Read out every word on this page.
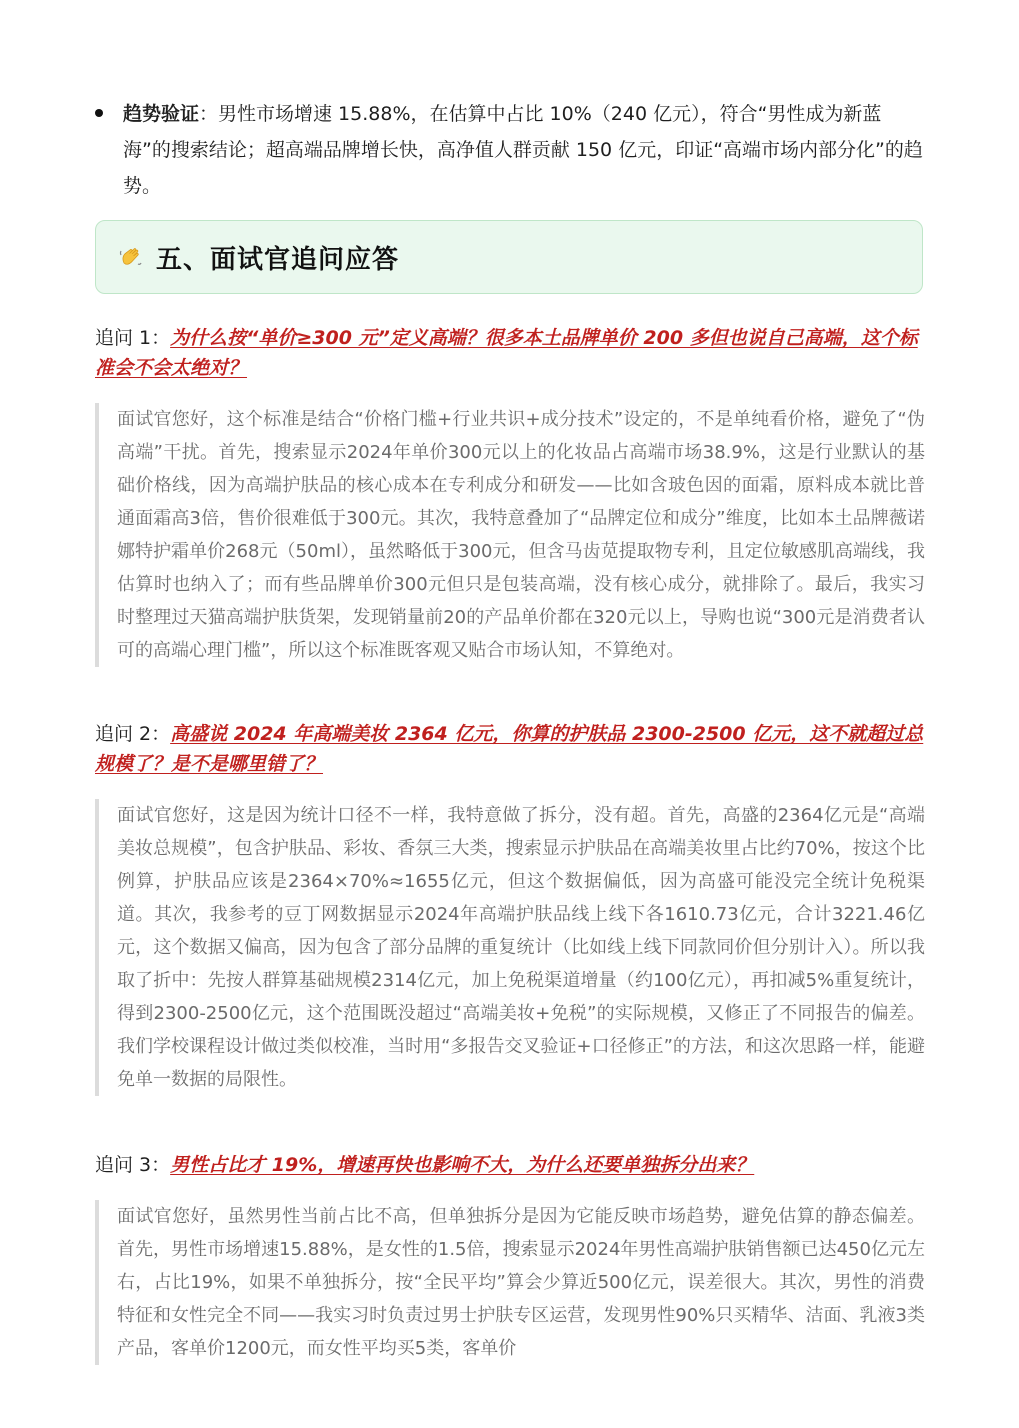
趋势验证：男性市场增速 15.88%，在估算中占比 10%（240 亿元），符合“男性成为新蓝海”的搜索结论；超高端品牌增长快，高净值人群贡献 150 亿元，印证“高端市场内部分化”的趋势。
五、面试官追问应答
追问 1：为什么按“单价≥300 元”定义高端？很多本土品牌单价 200 多但也说自己高端，这个标准会不会太绝对？
面试官您好，这个标准是结合“价格门槛+行业共识+成分技术”设定的，不是单纯看价格，避免了“伪高端”干扰。首先，搜索显示2024年单价300元以上的化妆品占高端市场38.9%，这是行业默认的基础价格线，因为高端护肤品的核心成本在专利成分和研发——比如含玻色因的面霜，原料成本就比普通面霜高3倍，售价很难低于300元。其次，我特意叠加了“品牌定位和成分”维度，比如本土品牌薇诺娜特护霜单价268元（50ml），虽然略低于300元，但含马齿苋提取物专利，且定位敏感肌高端线，我估算时也纳入了；而有些品牌单价300元但只是包装高端，没有核心成分，就排除了。最后，我实习时整理过天猫高端护肤货架，发现销量前20的产品单价都在320元以上，导购也说“300元是消费者认可的高端心理门槛”，所以这个标准既客观又贴合市场认知，不算绝对。
追问 2：高盛说 2024 年高端美妆 2364 亿元，你算的护肤品 2300-2500 亿元，这不就超过总规模了？是不是哪里错了？
面试官您好，这是因为统计口径不一样，我特意做了拆分，没有超。首先，高盛的2364亿元是“高端美妆总规模”，包含护肤品、彩妆、香氛三大类，搜索显示护肤品在高端美妆里占比约70%，按这个比例算，护肤品应该是2364×70%≈1655亿元，但这个数据偏低，因为高盛可能没完全统计免税渠道。其次，我参考的豆丁网数据显示2024年高端护肤品线上线下各1610.73亿元，合计3221.46亿元，这个数据又偏高，因为包含了部分品牌的重复统计（比如线上线下同款同价但分别计入）。所以我取了折中：先按人群算基础规模2314亿元，加上免税渠道增量（约100亿元），再扣减5%重复统计，得到2300-2500亿元，这个范围既没超过“高端美妆+免税”的实际规模，又修正了不同报告的偏差。我们学校课程设计做过类似校准，当时用“多报告交叉验证+口径修正”的方法，和这次思路一样，能避免单一数据的局限性。
追问 3：男性占比才 19%，增速再快也影响不大，为什么还要单独拆分出来？
面试官您好，虽然男性当前占比不高，但单独拆分是因为它能反映市场趋势，避免估算的静态偏差。首先，男性市场增速15.88%，是女性的1.5倍，搜索显示2024年男性高端护肤销售额已达450亿元左右，占比19%，如果不单独拆分，按“全民平均”算会少算近500亿元，误差很大。其次，男性的消费特征和女性完全不同——我实习时负责过男士护肤专区运营，发现男性90%只买精华、洁面、乳液3类产品，客单价1200元，而女性平均买5类，客单价
